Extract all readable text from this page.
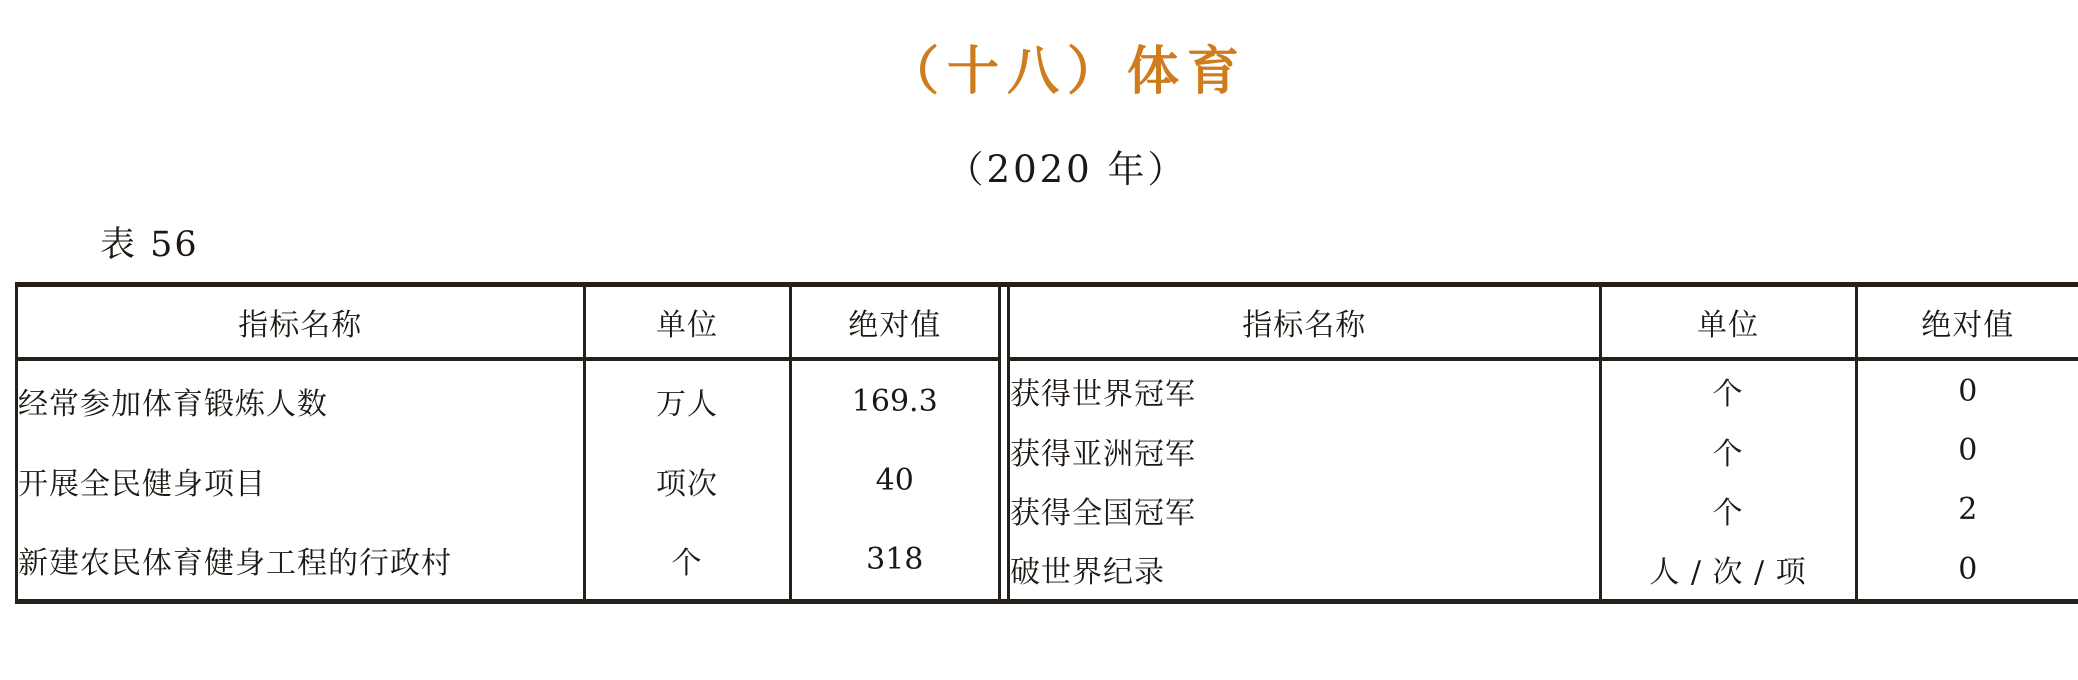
（十八）体育
（2020 年）
表 56
指标名称	单位	绝对值
经常参加体育锻炼人数	万人	169.3
开展全民健身项目	项次	40
新建农民体育健身工程的行政村	个	318
指标名称	单位	绝对值
获得世界冠军	个	0
获得亚洲冠军	个	0
获得全国冠军	个	2
破世界纪录	人 / 次 / 项	0
